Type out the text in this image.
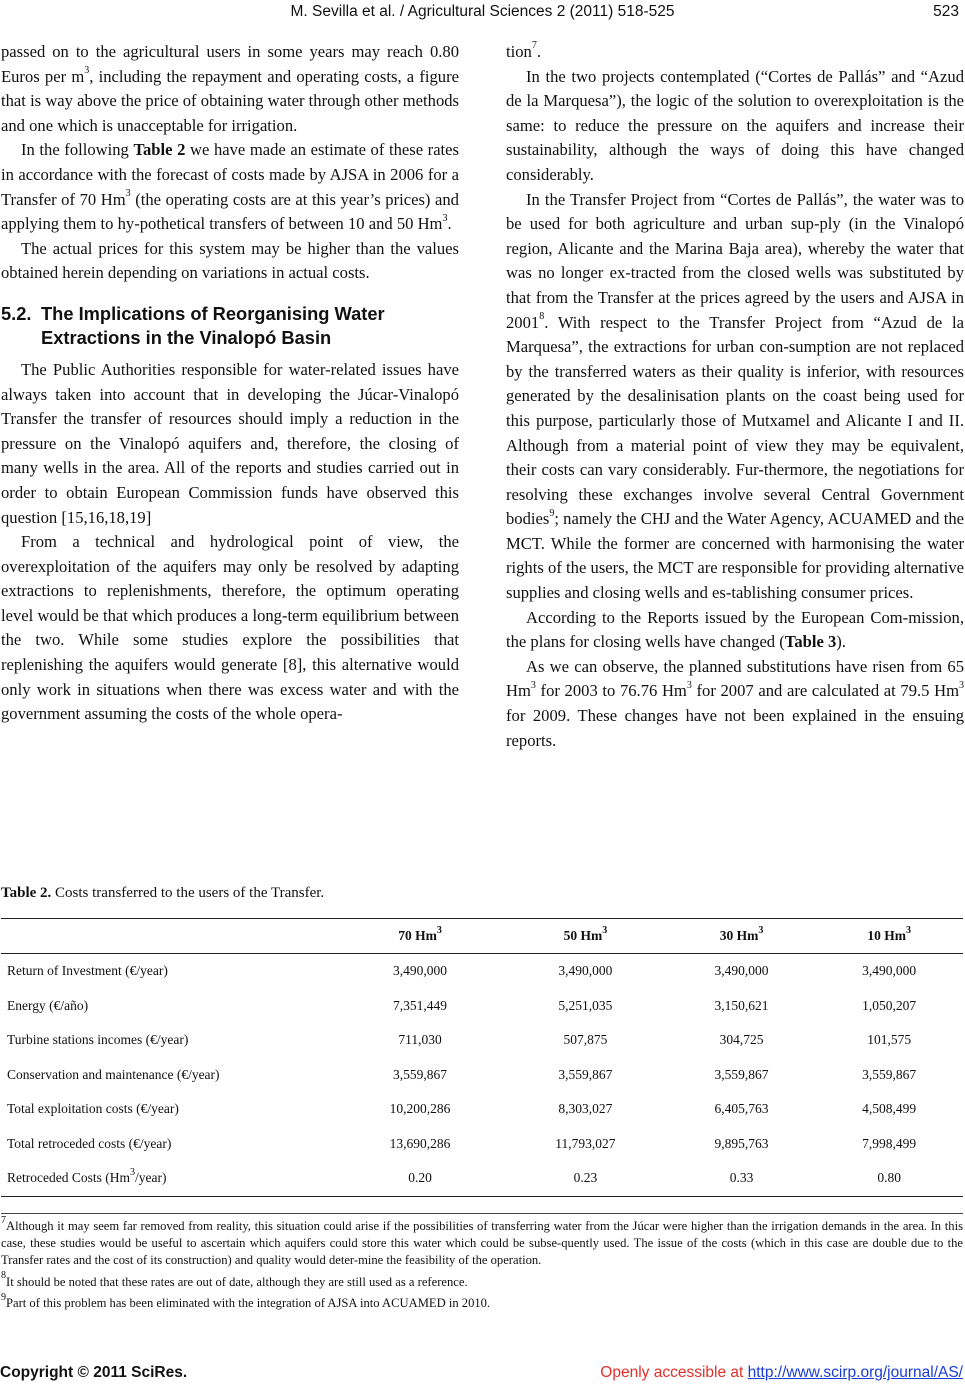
M. Sevilla et al. / Agricultural Sciences 2 (2011) 518-525	523

passed on to the agricultural users in some years may reach 0.80 Euros per $m^3$, including the repayment and operating costs, a figure that is way above the price of obtaining water through other methods and one which is unacceptable for irrigation.

In the following Table 2 we have made an estimate of these rates in accordance with the forecast of costs made by AJSA in 2006 for a Transfer of 70 Hm$^3$ (the operating costs are at this year’s prices) and applying them to hy-pothetical transfers of between 10 and 50 Hm$^3$.

The actual prices for this system may be higher than the values obtained herein depending on variations in actual costs.

5.2. The Implications of Reorganising Water
Extractions in the Vinalopó Basin

The Public Authorities responsible for water-related issues have always taken into account that in developing the Júcar-Vinalopó Transfer the transfer of resources should imply a reduction in the pressure on the Vinalopó aquifers and, therefore, the closing of many wells in the area. All of the reports and studies carried out in order to obtain European Commission funds have observed this question [15,16,18,19]

From a technical and hydrological point of view, the overexploitation of the aquifers may only be resolved by adapting extractions to replenishments, therefore, the optimum operating level would be that which produces a long-term equilibrium between the two. While some studies explore the possibilities that replenishing the aquifers would generate [8], this alternative would only work in situations when there was excess water and with the government assuming the costs of the whole opera-

tion$^7$.

In the two projects contemplated (“Cortes de Pallás” and “Azud de la Marquesa”), the logic of the solution to overexploitation is the same: to reduce the pressure on the aquifers and increase their sustainability, although the ways of doing this have changed considerably.

In the Transfer Project from “Cortes de Pallás”, the water was to be used for both agriculture and urban sup-ply (in the Vinalopó region, Alicante and the Marina Baja area), whereby the water that was no longer ex-tracted from the closed wells was substituted by that from the Transfer at the prices agreed by the users and AJSA in 2001$^8$. With respect to the Transfer Project from “Azud de la Marquesa”, the extractions for urban con-sumption are not replaced by the transferred waters as their quality is inferior, with resources generated by the desalinisation plants on the coast being used for this purpose, particularly those of Mutxamel and Alicante I and II. Although from a material point of view they may be equivalent, their costs can vary considerably. Fur-thermore, the negotiations for resolving these exchanges involve several Central Government bodies$^9$; namely the CHJ and the Water Agency, ACUAMED and the MCT. While the former are concerned with harmonising the water rights of the users, the MCT are responsible for providing alternative supplies and closing wells and es-tablishing consumer prices.

According to the Reports issued by the European Com-mission, the plans for closing wells have changed (Table 3).

As we can observe, the planned substitutions have risen from 65 Hm$^3$ for 2003 to 76.76 Hm$^3$ for 2007 and are calculated at 79.5 Hm$^3$ for 2009. These changes have not been explained in the ensuing reports.

Table 2. Costs transferred to the users of the Transfer.
	70 Hm$^3$	50 Hm$^3$	30 Hm$^3$	10 Hm$^3$
Return of Investment (€/year)	3,490,000	3,490,000	3,490,000	3,490,000
Energy (€/año)	7,351,449	5,251,035	3,150,621	1,050,207
Turbine stations incomes (€/year)	711,030	507,875	304,725	101,575
Conservation and maintenance (€/year)	3,559,867	3,559,867	3,559,867	3,559,867
Total exploitation costs (€/year)	10,200,286	8,303,027	6,405,763	4,508,499
Total retroceded costs (€/year)	13,690,286	11,793,027	9,895,763	7,998,499
Retroceded Costs (Hm$^3$/year)	0.20	0.23	0.33	0.80

$^7$Although it may seem far removed from reality, this situation could arise if the possibilities of transferring water from the Júcar were higher than the irrigation demands in the area. In this case, these studies would be useful to ascertain which aquifers could store this water which could be subse-quently used. The issue of the costs (which in this case are double due to the Transfer rates and the cost of its construction) and quality would deter-mine the feasibility of the operation.

$^8$It should be noted that these rates are out of date, although they are still used as a reference.

$^9$Part of this problem has been eliminated with the integration of AJSA into ACUAMED in 2010.

Copyright © 2011 SciRes.	Openly accessible at http://www.scirp.org/journal/AS/
